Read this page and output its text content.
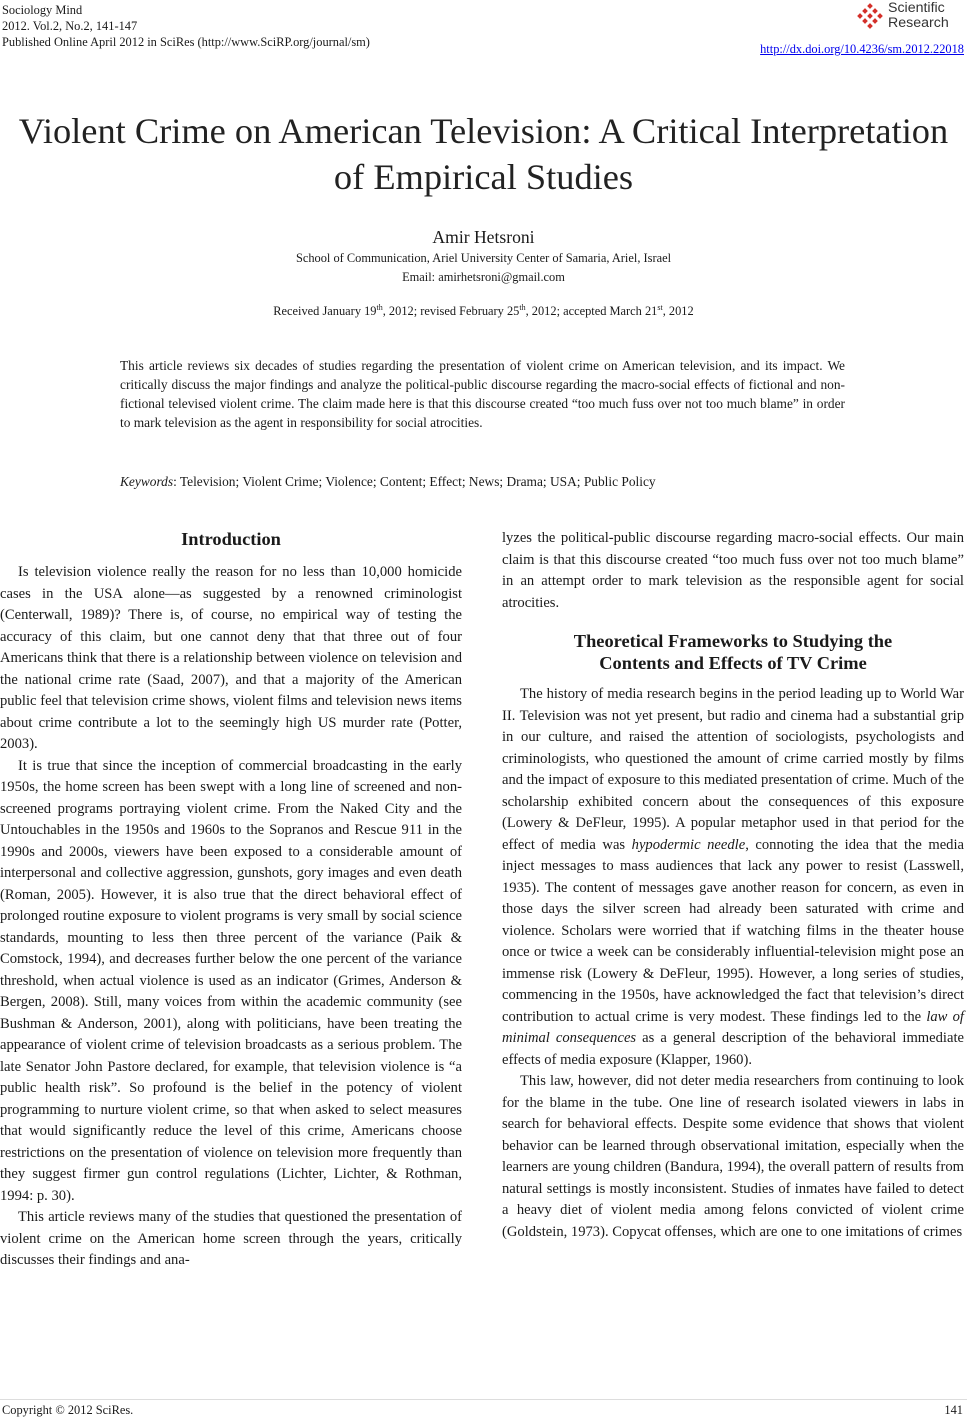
Sociology Mind
2012. Vol.2, No.2, 141-147
Published Online April 2012 in SciRes (http://www.SciRP.org/journal/sm)
Scientific
Research
http://dx.doi.org/10.4236/sm.2012.22018
Violent Crime on American Television: A Critical Interpretation
of Empirical Studies
Amir Hetsroni
School of Communication, Ariel University Center of Samaria, Ariel, Israel
Email: amirhetsroni@gmail.com
Received January 19th, 2012; revised February 25th, 2012; accepted March 21st, 2012
This article reviews six decades of studies regarding the presentation of violent crime on American television, and its impact. We critically discuss the major findings and analyze the political-public discourse regarding the macro-social effects of fictional and non-fictional televised violent crime. The claim made here is that this discourse created “too much fuss over not too much blame” in order to mark television as the agent in responsibility for social atrocities.
Keywords: Television; Violent Crime; Violence; Content; Effect; News; Drama; USA; Public Policy
Introduction

Is television violence really the reason for no less than 10,000 homicide cases in the USA alone—as suggested by a renowned criminologist (Centerwall, 1989)? There is, of course, no empirical way of testing the accuracy of this claim, but one cannot deny that that three out of four Americans think that there is a relationship between violence on television and the national crime rate (Saad, 2007), and that a majority of the American public feel that television crime shows, violent films and television news items about crime contribute a lot to the seemingly high US murder rate (Potter, 2003).

It is true that since the inception of commercial broadcasting in the early 1950s, the home screen has been swept with a long line of screened and non-screened programs portraying violent crime. From the Naked City and the Untouchables in the 1950s and 1960s to the Sopranos and Rescue 911 in the 1990s and 2000s, viewers have been exposed to a considerable amount of interpersonal and collective aggression, gunshots, gory images and even death (Roman, 2005). However, it is also true that the direct behavioral effect of prolonged routine exposure to violent programs is very small by social science standards, mounting to less then three percent of the variance (Paik & Comstock, 1994), and decreases further below the one percent of the variance threshold, when actual violence is used as an indicator (Grimes, Anderson & Bergen, 2008). Still, many voices from within the academic community (see Bushman & Anderson, 2001), along with politicians, have been treating the appearance of violent crime of television broadcasts as a serious problem. The late Senator John Pastore declared, for example, that television violence is “a public health risk”. So profound is the belief in the potency of violent programming to nurture violent crime, so that when asked to select measures that would significantly reduce the level of this crime, Americans choose restrictions on the presentation of violence on television more frequently than they suggest firmer gun control regulations (Lichter, Lichter, & Rothman, 1994: p. 30).

This article reviews many of the studies that questioned the presentation of violent crime on the American home screen through the years, critically discusses their findings and ana-

lyzes the political-public discourse regarding macro-social effects. Our main claim is that this discourse created “too much fuss over not too much blame” in an attempt order to mark television as the responsible agent for social atrocities.

Theoretical Frameworks to Studying the
Contents and Effects of TV Crime

The history of media research begins in the period leading up to World War II. Television was not yet present, but radio and cinema had a substantial grip in our culture, and raised the attention of sociologists, psychologists and criminologists, who questioned the amount of crime carried mostly by films and the impact of exposure to this mediated presentation of crime. Much of the scholarship exhibited concern about the consequences of this exposure (Lowery & DeFleur, 1995). A popular metaphor used in that period for the effect of media was hypodermic needle, connoting the idea that the media inject messages to mass audiences that lack any power to resist (Lasswell, 1935). The content of messages gave another reason for concern, as even in those days the silver screen had already been saturated with crime and violence. Scholars were worried that if watching films in the theater house once or twice a week can be considerably influential-television might pose an immense risk (Lowery & DeFleur, 1995). However, a long series of studies, commencing in the 1950s, have acknowledged the fact that television’s direct contribution to actual crime is very modest. These findings led to the law of minimal consequences as a general description of the behavioral immediate effects of media exposure (Klapper, 1960).

This law, however, did not deter media researchers from continuing to look for the blame in the tube. One line of research isolated viewers in labs in search for behavioral effects. Despite some evidence that shows that violent behavior can be learned through observational imitation, especially when the learners are young children (Bandura, 1994), the overall pattern of results from natural settings is mostly inconsistent. Studies of inmates have failed to detect a heavy diet of violent media among felons convicted of violent crime (Goldstein, 1973). Copycat offenses, which are one to one imitations of crimes

Copyright © 2012 SciRes.	141
